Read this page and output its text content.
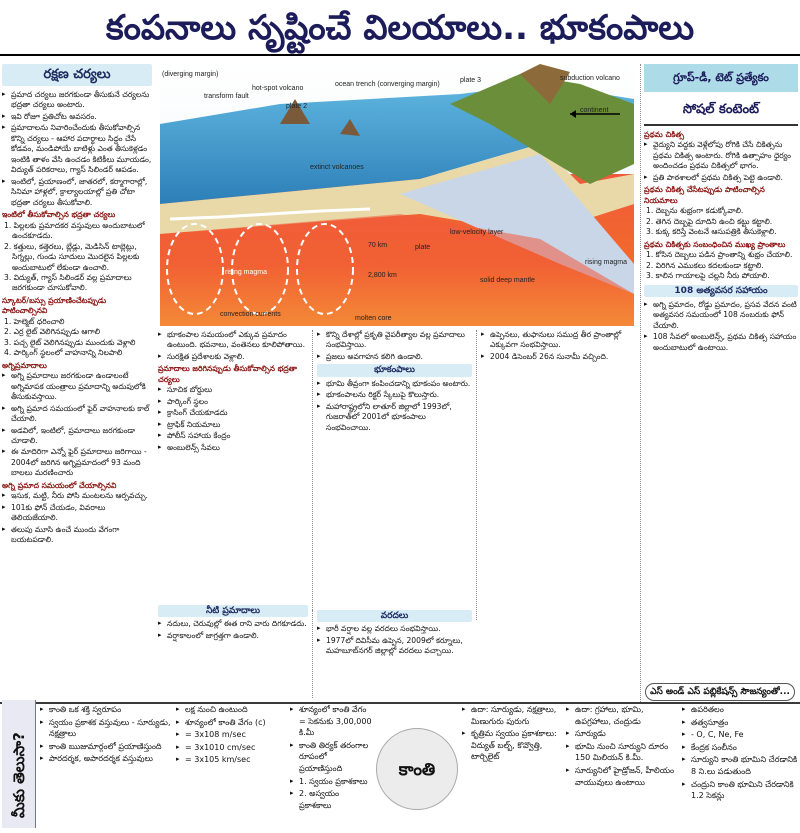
కంపనాలు సృష్టించే విలయాలు.. భూకంపాలు
రక్షణ చర్యలు
▸ ప్రమాద చర్యలు జరగకుండా తీసుకునే చర్యలను భద్రతా చర్యలు అంటారు.
▸ ఇవి రోజూ ప్రతిచోట అవసరం.
▸ ప్రమాదాలను నివారించేందుకు తీసుకోవాల్సిన కొన్ని చర్యలు - ఆహార పదార్థాలు సిద్ధం చేసే కోడవం, మండిపోయే బాటిళ్లు ఎంత తీసుకెళ్లడం ఇంటికి తాళం వేసి ఉంచడం కిటికీలు మూయడం, విద్యుత్ పరికరాలు, గ్యాస్ సిలిండర్ ఆపడం.
▸ ఇంటిలో, ప్రయాణంలో, జాతరలో, కర్మాగారాల్లో, సినిమా హాళ్లలో, క్రాల్యాలయాల్లో ప్రతి చోటా భద్రతా చర్యలు తీసుకోవాలి.
ఇంటిలో తీసుకోవాల్సిన భద్రతా చర్యలు
1. పిల్లలకు ప్రమాదకర వస్తువులు అందుబాటులో ఉంచకూడదు.
2. కత్తులు, కత్తెరలు, బ్లేడ్లు, మెడిసిన్ టాబ్లెట్లు, సిగ్నల్లు, గుండు సూదులు మొదలైన పిల్లలకు అందుబాటులో లేకుండా ఉంచాలి.
3. విద్యుత్, గ్యాస్ సిలిండర్ వల్ల ప్రమాదాలు జరగకుండా చూసుకోవాలి.
స్కూటర్/బస్సు ప్రయాణించేటప్పుడు పాటించాల్సినవి
1. హెల్మెట్ ధరించాలి
2. ఎర్ర లైట్ వెలిగినప్పుడు ఆగాలి
3. పచ్చ లైట్ వెలిగినప్పుడు ముందుకు వెళ్లాలి
4. పార్కింగ్ స్థలంలో వాహనాన్ని నిలపాలి
అగ్నిప్రమాదాలు
▸ అగ్ని ప్రమాదాలు జరగకుండా ఉండాలంటే అగ్నిమాపక యంత్రాలు ప్రమాదాన్ని అదుపులోకి తీసుకువస్తాయి.
▸ అగ్ని ప్రమాద సమయంలో ఫైర్ వాహనాలకు కాల్ చేయాలి.
▸ అడవిలో, ఇంటిలో, ప్రమాదాలు జరగకుండా చూడాలి.
▸ ఈ మాదిరిగా ఎన్నో ఫైర్ ప్రమాదాలు జరిగాయి - 2004లో జరిగిన అగ్నిప్రమాదంలో 93 మంది బాలలు మరణించారు
అగ్ని ప్రమాద సమయంలో చేయాల్సినవి
▸ ఇసుక, మట్టి, నీరు పోసి మంటలను ఆర్పవచ్చు.
▸ 101కు ఫోన్ చేయడం, వివరాలు తెలియజేయాలి.
▸ తలుపు మూసి ఉంచే ముందు వేగంగా బయటపడాలి.
(diverging margin)
transform fault
hot-spot volcano
plate 2
ocean trench (converging margin)
plate 3	subduction volcano
continent
extinct volcanoes
rising magma
rising magma
plate
low-velocity layer
70 km
2,800 km
solid deep mantle
convection currents
molten core
▸ భూకంపాల సమయంలో ఎక్కువ ప్రమాదం ఉంటుంది. భవనాలు, వంతెనలు కూలిపోతాయి.
▸ సురక్షిత ప్రదేశాలకు వెళ్లాలి.
ప్రమాదాలు జరిగినప్పుడు తీసుకోవాల్సిన భద్రతా చర్యలు
▸ సూచిక బోర్డులు
▸ పార్కింగ్ స్థలం
▸ క్రాసింగ్ చేయకూడదు
▸ ట్రాఫిక్ నియమాలు
▸ పోలీస్ సహాయ కేంద్రం
▸ అంబులెన్స్ సేవలు
▸ కొన్ని దేశాల్లో ప్రకృతి వైపరీత్యాల వల్ల ప్రమాదాలు సంభవిస్తాయి.
▸ ప్రజలు అవగాహన కలిగి ఉండాలి.
భూకంపాలు
▸ భూమి తీవ్రంగా కంపించడాన్ని భూకంపం అంటారు.
▸ భూకంపాలను రిక్టర్ స్కేలుపై కొలుస్తారు.
▸ మహారాష్ట్రలోని లాతూర్ జిల్లాలో 1993లో, గుజరాత్‌లో 2001లో భూకంపాలు సంభవించాయి.
▸ ఉప్పెనలు, తుఫానులు సముద్ర తీర ప్రాంతాల్లో ఎక్కువగా సంభవిస్తాయి.
▸ 2004 డిసెంబర్ 26న సునామీ వచ్చింది.
నీటి ప్రమాదాలు
▸ నదులు, చెరువుల్లో ఈత రాని వారు దిగకూడదు.
▸ వర్షాకాలంలో జాగ్రత్తగా ఉండాలి.
వరదలు
▸ భారీ వర్షాల వల్ల వరదలు సంభవిస్తాయి.
▸ 1977లో దివిసీమ ఉప్పెన, 2009లో కర్నూలు, మహబూబ్‌నగర్ జిల్లాల్లో వరదలు వచ్చాయి.
గ్రూప్-డీ, టెట్ ప్రత్యేకం
సోషల్ కంటెంట్
ప్రథమ చికిత్స
▸ వైద్యుని వద్దకు వెళ్లేలోపు రోగికి చేసే చికిత్సను ప్రథమ చికిత్స అంటారు. రోగికి ఉత్సాహం ధైర్యం అందించడం ప్రథమ చికిత్సలో భాగం.
▸ ప్రతి పాఠశాలలో ప్రథమ చికిత్స పెట్టె ఉండాలి.
ప్రథమ చికిత్స చేసేటప్పుడు పాటించాల్సిన నియమాలు
1. దెబ్బను శుభ్రంగా కడుక్కోవాలి.
2. తెగిన దెబ్బపై దూదిని ఉంచి కట్టు కట్టాలి.
3. కుక్క కరిస్తే వెంటనే ఆసుపత్రికి తీసుకెళ్లాలి.
ప్రథమ చికిత్సకు సంబంధించిన ముఖ్య ప్రాంతాలు
1. కోసిన దెబ్బలు పడిన ప్రాంతాన్ని శుభ్రం చేయాలి.
2. విరిగిన ఎముకలు కదలకుండా కట్టాలి.
3. కాలిన గాయాలపై చల్లని నీరు పోయాలి.
108 అత్యవసర సహాయం
▸ అగ్ని ప్రమాదం, రోడ్డు ప్రమాదం, ప్రసవ వేదన వంటి అత్యవసర సమయంలో 108 నంబరుకు ఫోన్ చేయాలి.
▸ 108 సేవలో అంబులెన్స్, ప్రథమ చికిత్స సహాయం అందుబాటులో ఉంటాయి.
ఎస్ అండ్ ఎస్ పబ్లికేషన్స్ సౌజన్యంతో...
మీకు తెలుసా?
▸ కాంతి ఒక శక్తి స్వరూపం
▸ స్వయం ప్రకాశక వస్తువులు - సూర్యుడు, నక్షత్రాలు
▸ కాంతి ఋజుమార్గంలో ప్రయాణిస్తుంది
▸ పారదర్శక, అపారదర్శక వస్తువులు
▸ లక్ష నుంచి ఉంటుంది
▸ శూన్యంలో కాంతి వేగం (c)
▸ = 3x108 m/sec
▸ = 3x1010 cm/sec
▸ = 3x105 km/sec
▸ శూన్యంలో కాంతి వేగం = సెకనుకు 3,00,000 కి.మీ
▸ కాంతి తిర్యక్ తరంగాల రూపంలో ప్రయాణిస్తుంది
▸ 1. స్వయం ప్రకాశకాలు
▸ 2. అస్వయం ప్రకాశకాలు
కాంతి
▸ ఉదా: సూర్యుడు, నక్షత్రాలు, మిణుగురు పురుగు
▸ కృత్రిమ స్వయం ప్రకాశకాలు: విద్యుత్ బల్బ్, కొవ్వొత్తి, టార్చిలైట్
▸ ఉదా: గ్రహాలు, భూమి, ఉపగ్రహాలు, చంద్రుడు
▸ సూర్యుడు
▸ భూమి నుంచి సూర్యుని దూరం 150 మిలియన్ కి.మీ.
▸ సూర్యునిలో హైడ్రోజన్, హీలియం వాయువులు ఉంటాయి
▸ ఉపరితలం
▸ తత్వసూత్రం
▸ - O, C, Ne, Fe
▸ కేంద్రక సంలీనం
▸ సూర్యుని కాంతి భూమిని చేరడానికి 8 ని.లు పడుతుంది
▸ చంద్రుని కాంతి భూమిని చేరడానికి 1.2 సెకన్లు
